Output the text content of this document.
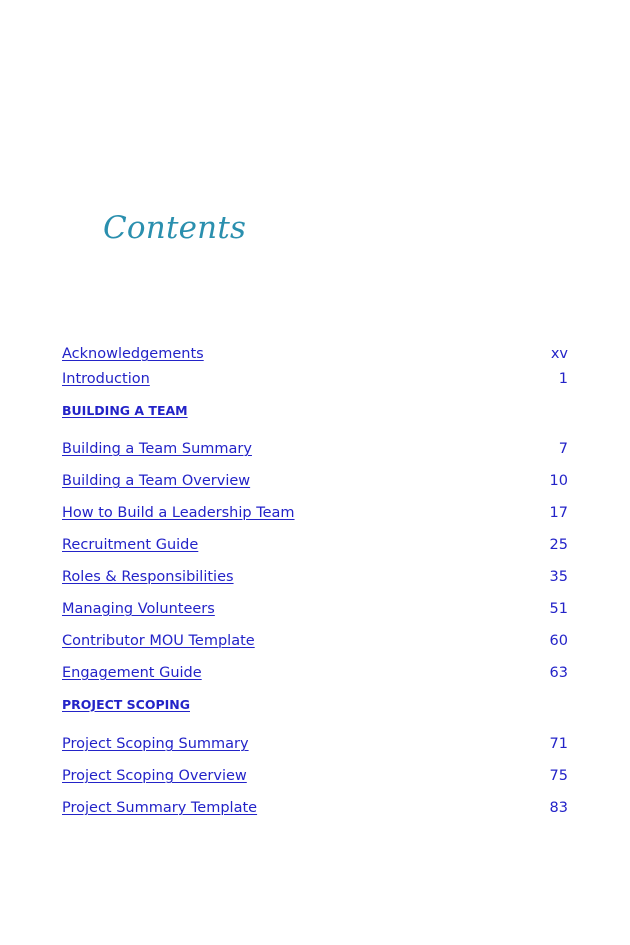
Contents
Acknowledgements	xv
Introduction	1
BUILDING A TEAM
Building a Team Summary	7
Building a Team Overview	10
How to Build a Leadership Team	17
Recruitment Guide	25
Roles & Responsibilities	35
Managing Volunteers	51
Contributor MOU Template	60
Engagement Guide	63
PROJECT SCOPING
Project Scoping Summary	71
Project Scoping Overview	75
Project Summary Template	83
